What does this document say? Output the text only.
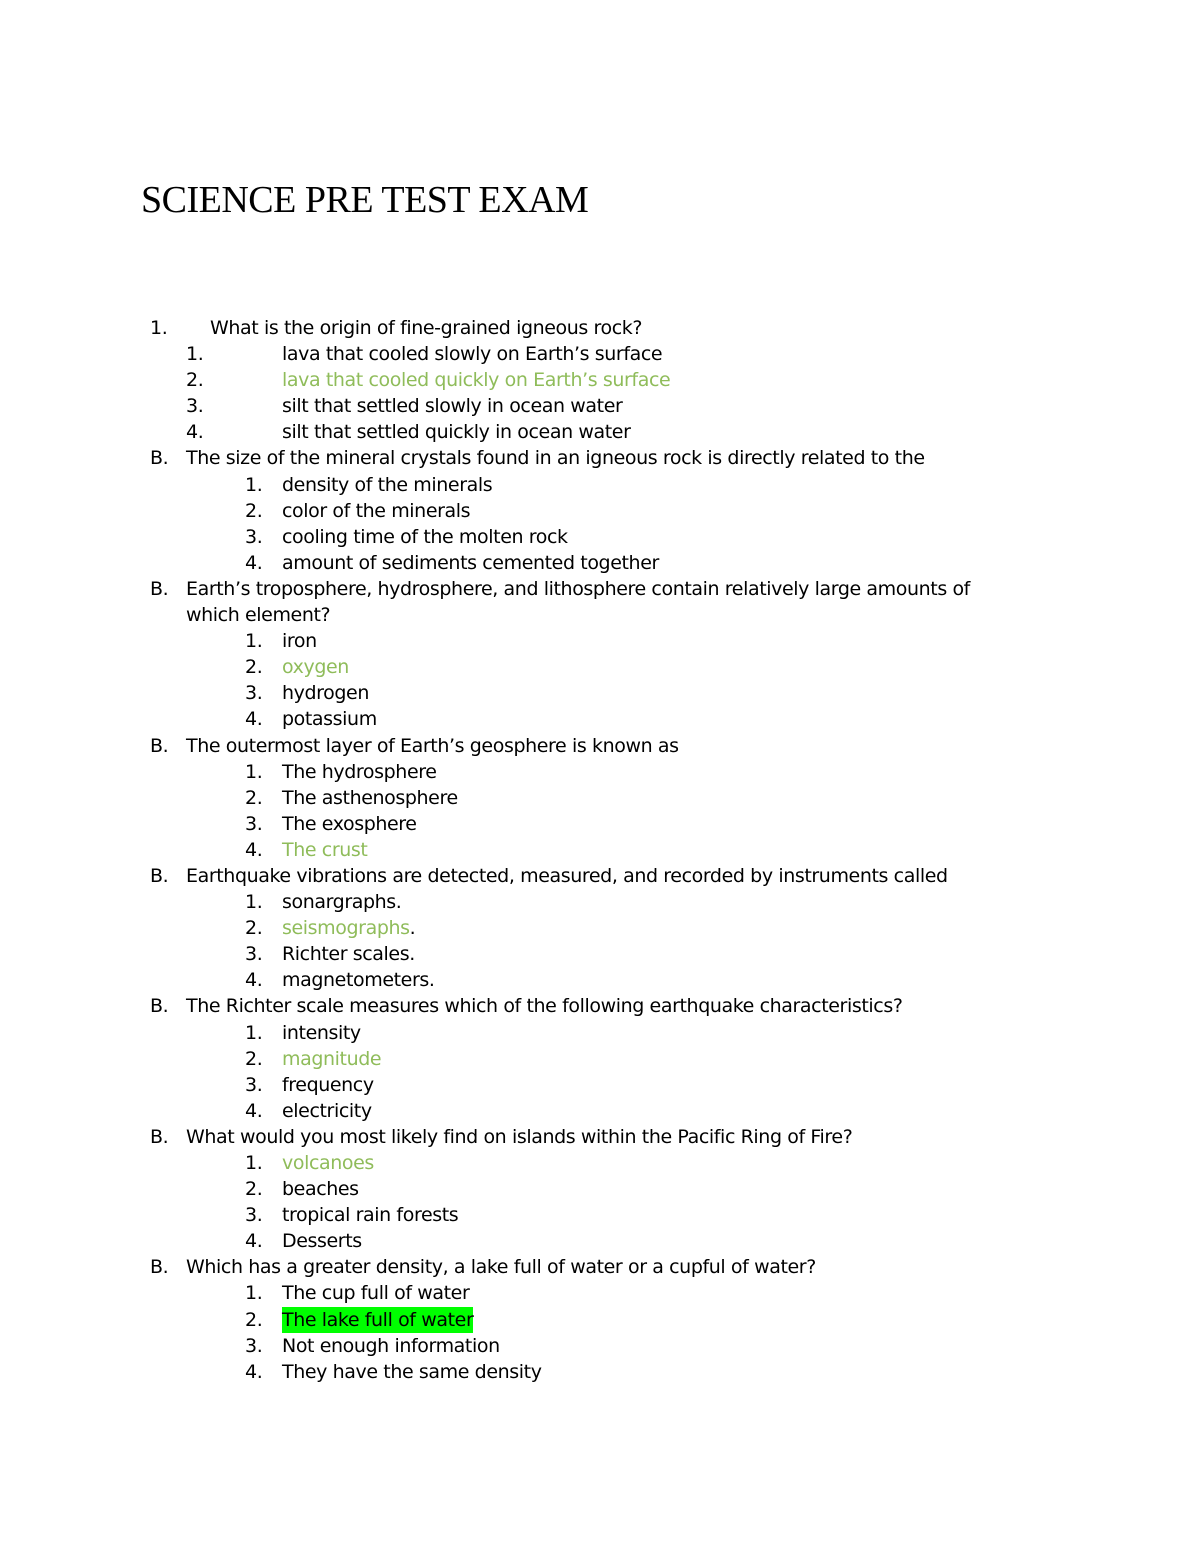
SCIENCE PRE TEST EXAM
1. What is the origin of fine-grained igneous rock?
1.	lava that cooled slowly on Earth’s surface
2.	lava that cooled quickly on Earth’s surface
3.	silt that settled slowly in ocean water
4.	silt that settled quickly in ocean water
B. The size of the mineral crystals found in an igneous rock is directly related to the
1. density of the minerals
2. color of the minerals
3. cooling time of the molten rock
4. amount of sediments cemented together
B. Earth’s troposphere, hydrosphere, and lithosphere contain relatively large amounts of
which element?
1. iron
2. oxygen
3. hydrogen
4. potassium
B. The outermost layer of Earth’s geosphere is known as
1. The hydrosphere
2. The asthenosphere
3. The exosphere
4. The crust
B. Earthquake vibrations are detected, measured, and recorded by instruments called
1. sonargraphs.
2. seismographs.
3. Richter scales.
4. magnetometers.
B. The Richter scale measures which of the following earthquake characteristics?
1. intensity
2. magnitude
3. frequency
4. electricity
B. What would you most likely find on islands within the Pacific Ring of Fire?
1. volcanoes
2. beaches
3. tropical rain forests
4. Desserts
B. Which has a greater density, a lake full of water or a cupful of water?
1. The cup full of water
2. The lake full of water
3. Not enough information
4. They have the same density
